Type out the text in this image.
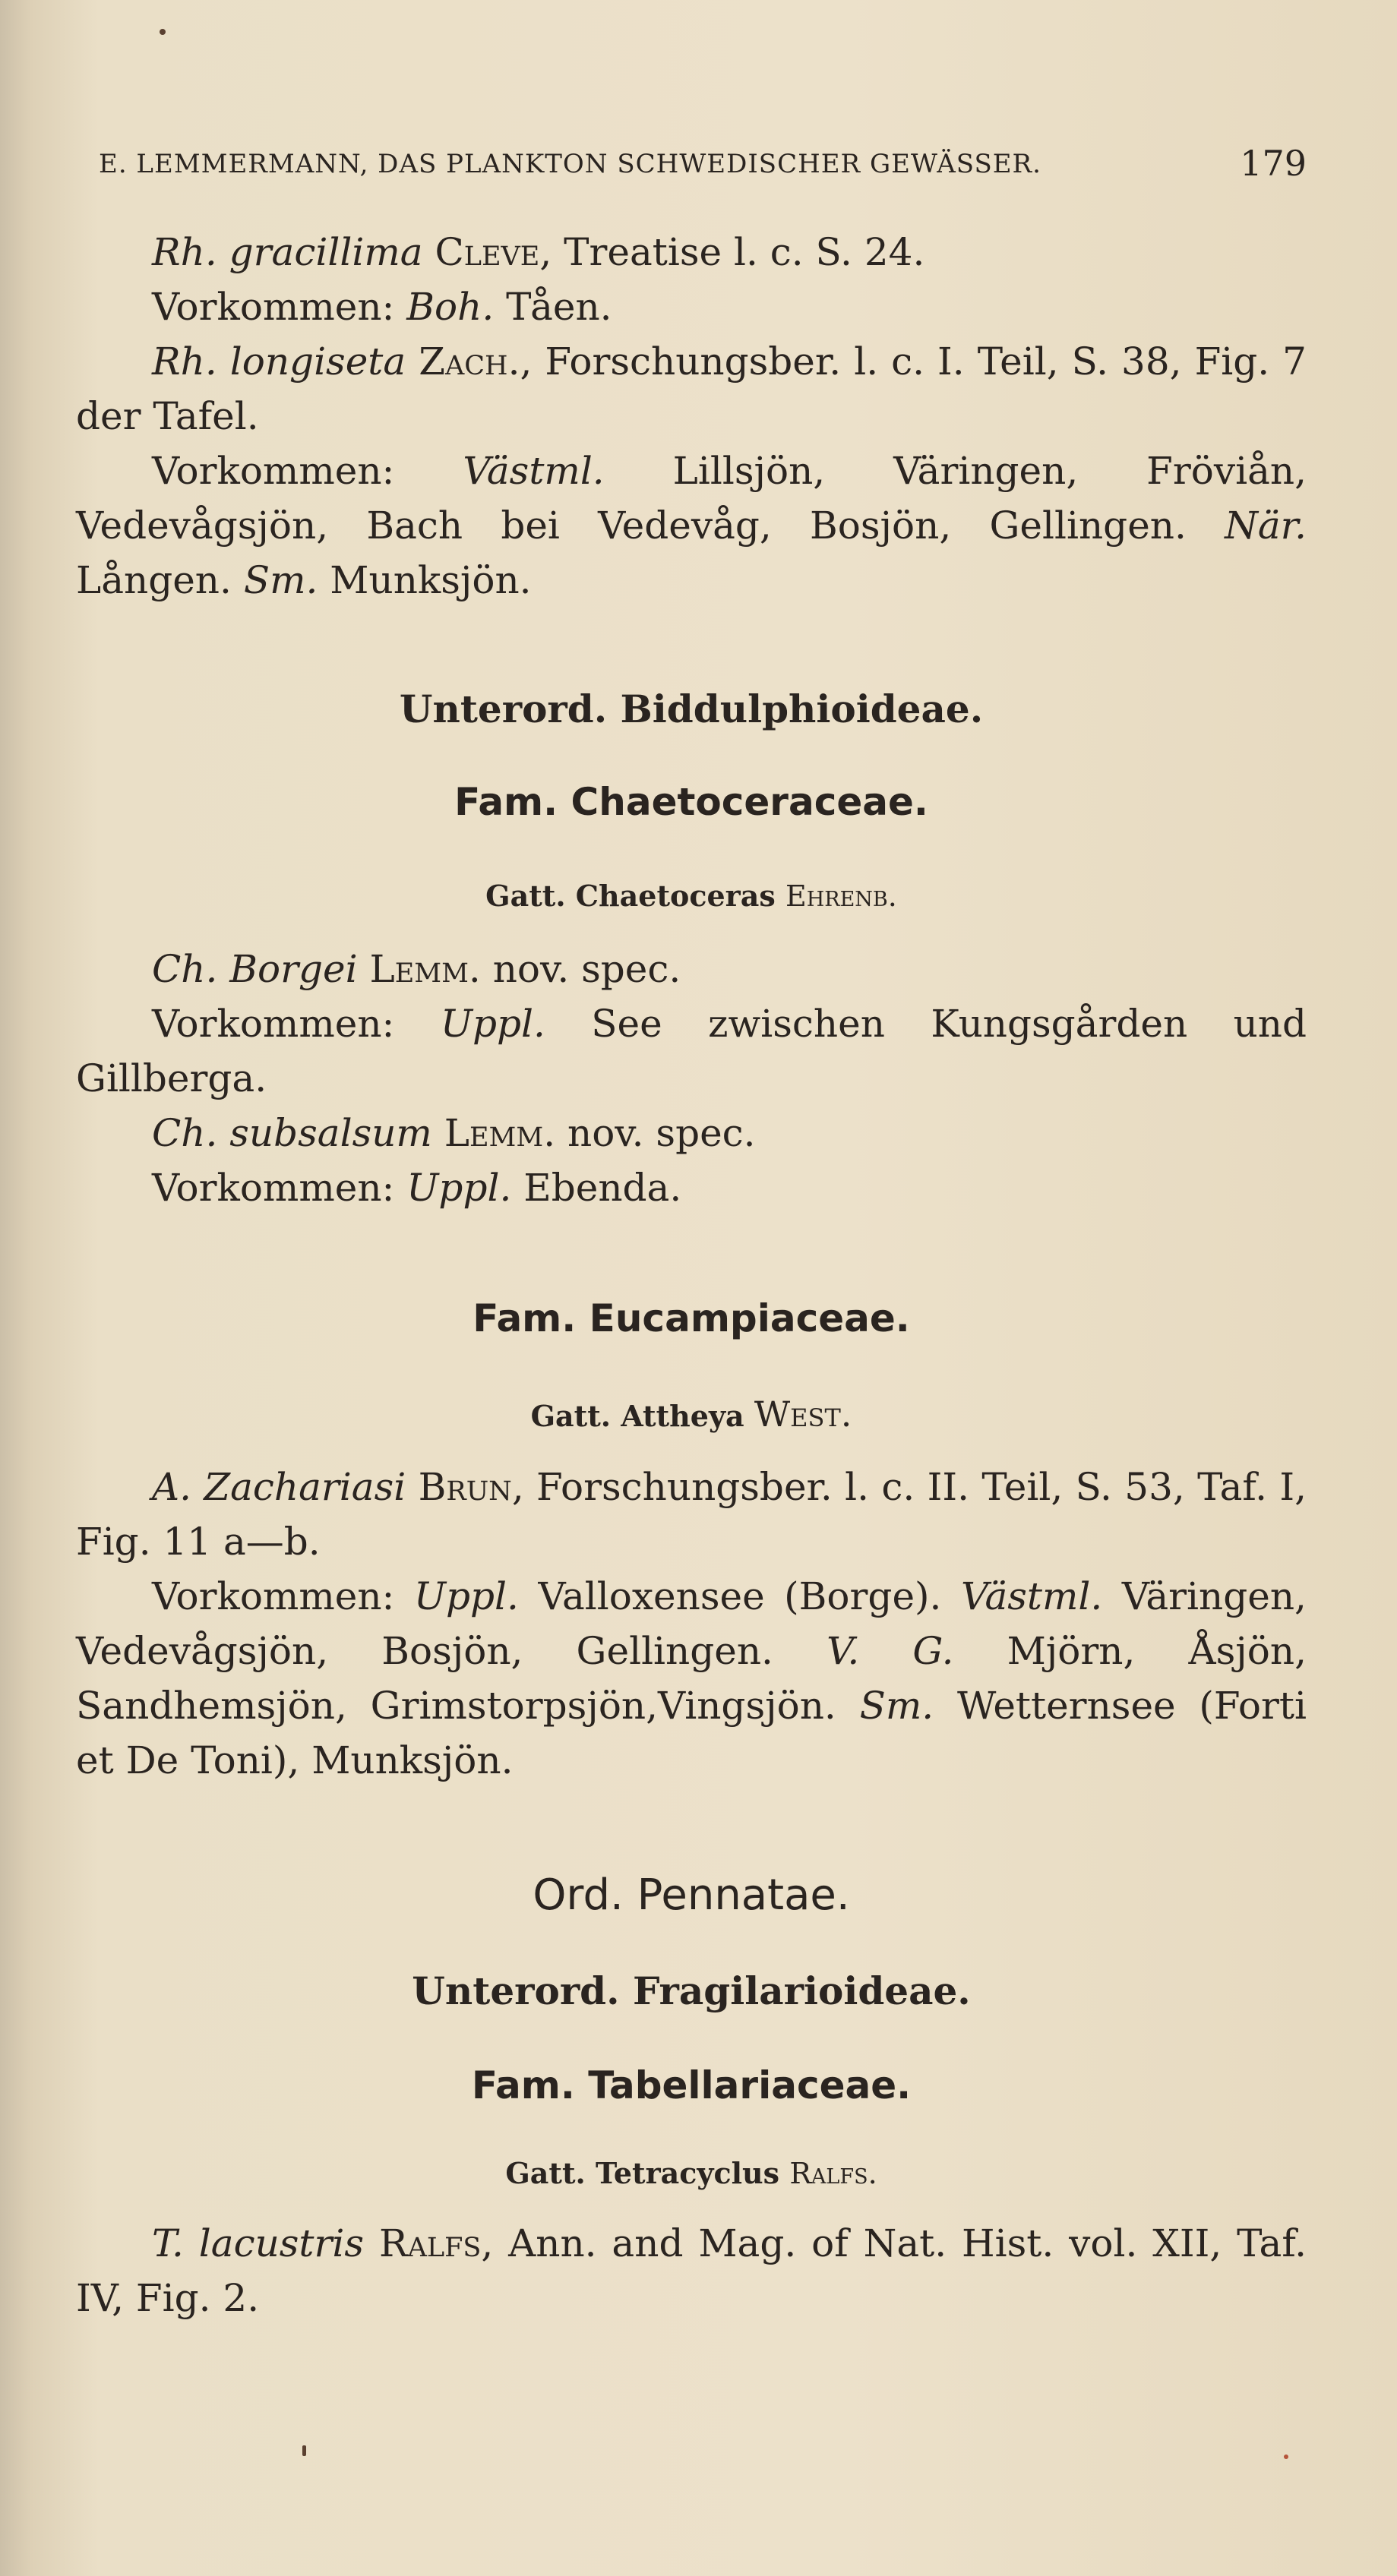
E. LEMMERMANN, DAS PLANKTON SCHWEDISCHER GEWÄSSER.	179

Rh. gracillima Cleve, Treatise l. c. S. 24.

Vorkommen: Boh. Tåen.

Rh. longiseta Zach., Forschungsber. l. c. I. Teil, S. 38, Fig. 7 der Tafel.

Vorkommen: Västml. Lillsjön, Väringen, Fröviån, Vedevågsjön, Bach bei Vedevåg, Bosjön, Gellingen. När. Lången. Sm. Munksjön.

Unterord. Biddulphioideae.
Fam. Chaetoceraceae.
Gatt. Chaetoceras Ehrenb.

Ch. Borgei Lemm. nov. spec.

Vorkommen: Uppl. See zwischen Kungsgården und Gillberga.

Ch. subsalsum Lemm. nov. spec.

Vorkommen: Uppl. Ebenda.

Fam. Eucampiaceae.
Gatt. Attheya West.

A. Zachariasi Brun, Forschungsber. l. c. II. Teil, S. 53, Taf. I, Fig. 11 a—b.

Vorkommen: Uppl. Valloxensee (Borge). Västml. Väringen, Vedevågsjön, Bosjön, Gellingen. V. G. Mjörn, Åsjön, Sandhemsjön, Grimstorpsjön,Vingsjön. Sm. Wetternsee (Forti et De Toni), Munksjön.

Ord. Pennatae.
Unterord. Fragilarioideae.
Fam. Tabellariaceae.
Gatt. Tetracyclus Ralfs.

T. lacustris Ralfs, Ann. and Mag. of Nat. Hist. vol. XII, Taf. IV, Fig. 2.
